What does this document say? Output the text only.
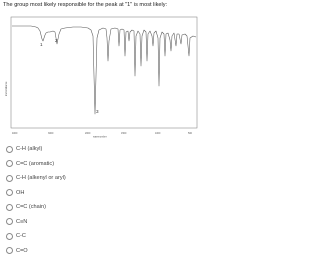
The group most likely responsible for the peak at "1" is most likely:
transmittance
4000	3000	2000	1500	1000	500
wavenumber
1
2
3
C-H (alkyl)
C=C (aromatic)
C-H (alkenyl or aryl)
OH
C=C (chain)
C≡N
C-C
C=O
